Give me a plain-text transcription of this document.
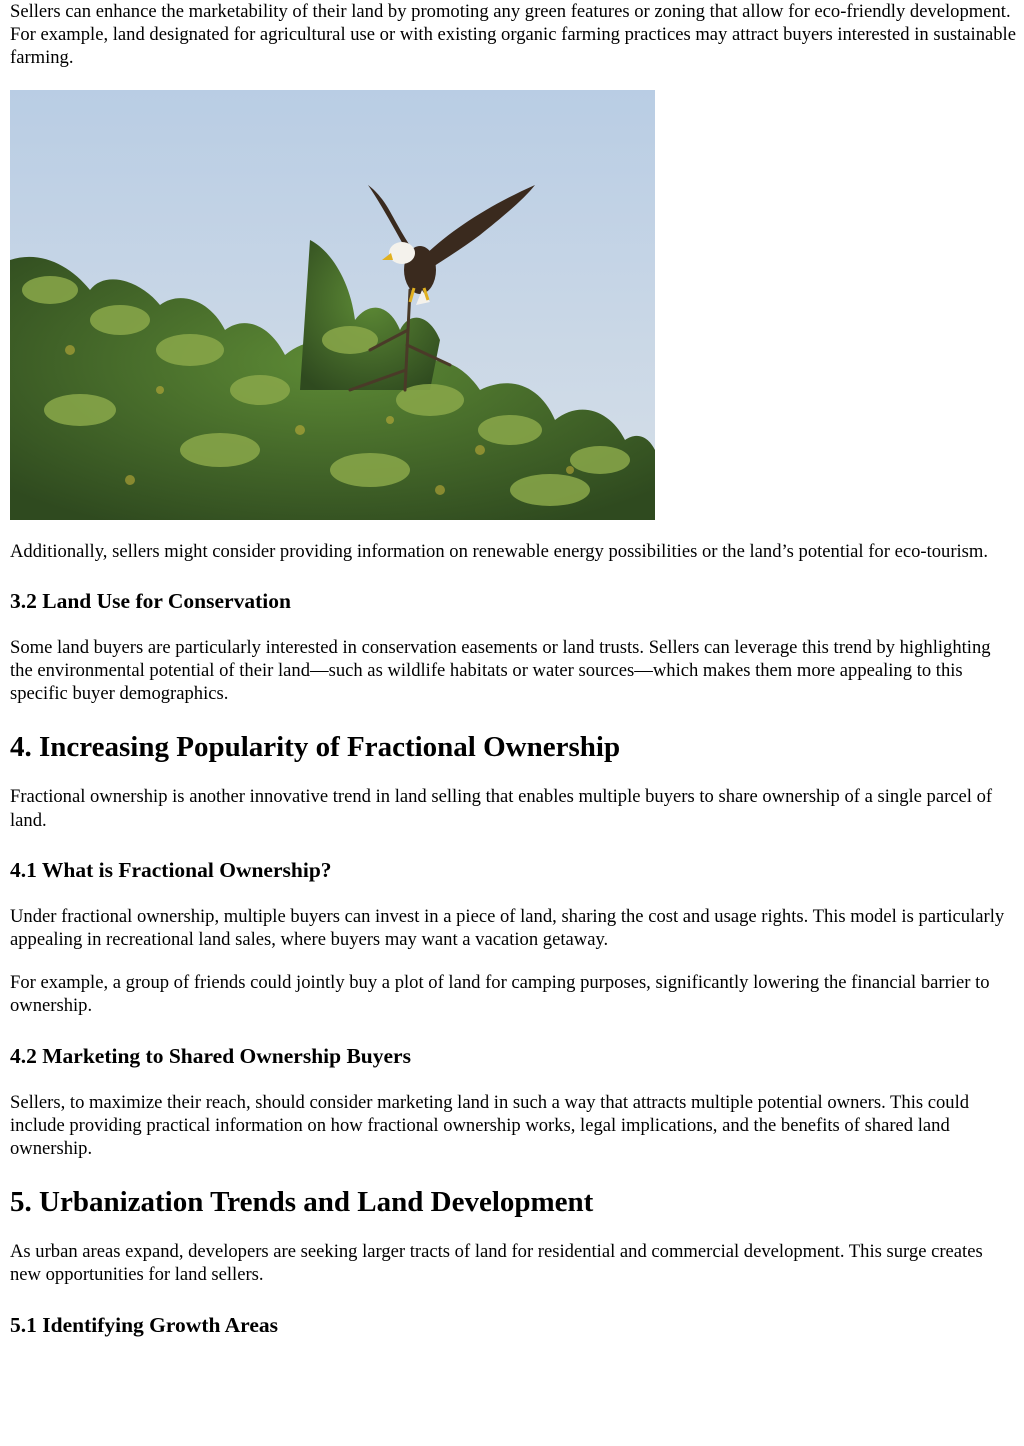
Sellers can enhance the marketability of their land by promoting any green features or zoning that allow for eco-friendly development. For example, land designated for agricultural use or with existing organic farming practices may attract buyers interested in sustainable farming.

Additionally, sellers might consider providing information on renewable energy possibilities or the land’s potential for eco-tourism.

3.2 Land Use for Conservation

Some land buyers are particularly interested in conservation easements or land trusts. Sellers can leverage this trend by highlighting the environmental potential of their land—such as wildlife habitats or water sources—which makes them more appealing to this specific buyer demographics.

4. Increasing Popularity of Fractional Ownership

Fractional ownership is another innovative trend in land selling that enables multiple buyers to share ownership of a single parcel of land.

4.1 What is Fractional Ownership?

Under fractional ownership, multiple buyers can invest in a piece of land, sharing the cost and usage rights. This model is particularly appealing in recreational land sales, where buyers may want a vacation getaway.

For example, a group of friends could jointly buy a plot of land for camping purposes, significantly lowering the financial barrier to ownership.

4.2 Marketing to Shared Ownership Buyers

Sellers, to maximize their reach, should consider marketing land in such a way that attracts multiple potential owners. This could include providing practical information on how fractional ownership works, legal implications, and the benefits of shared land ownership.

5. Urbanization Trends and Land Development

As urban areas expand, developers are seeking larger tracts of land for residential and commercial development. This surge creates new opportunities for land sellers.

5.1 Identifying Growth Areas
